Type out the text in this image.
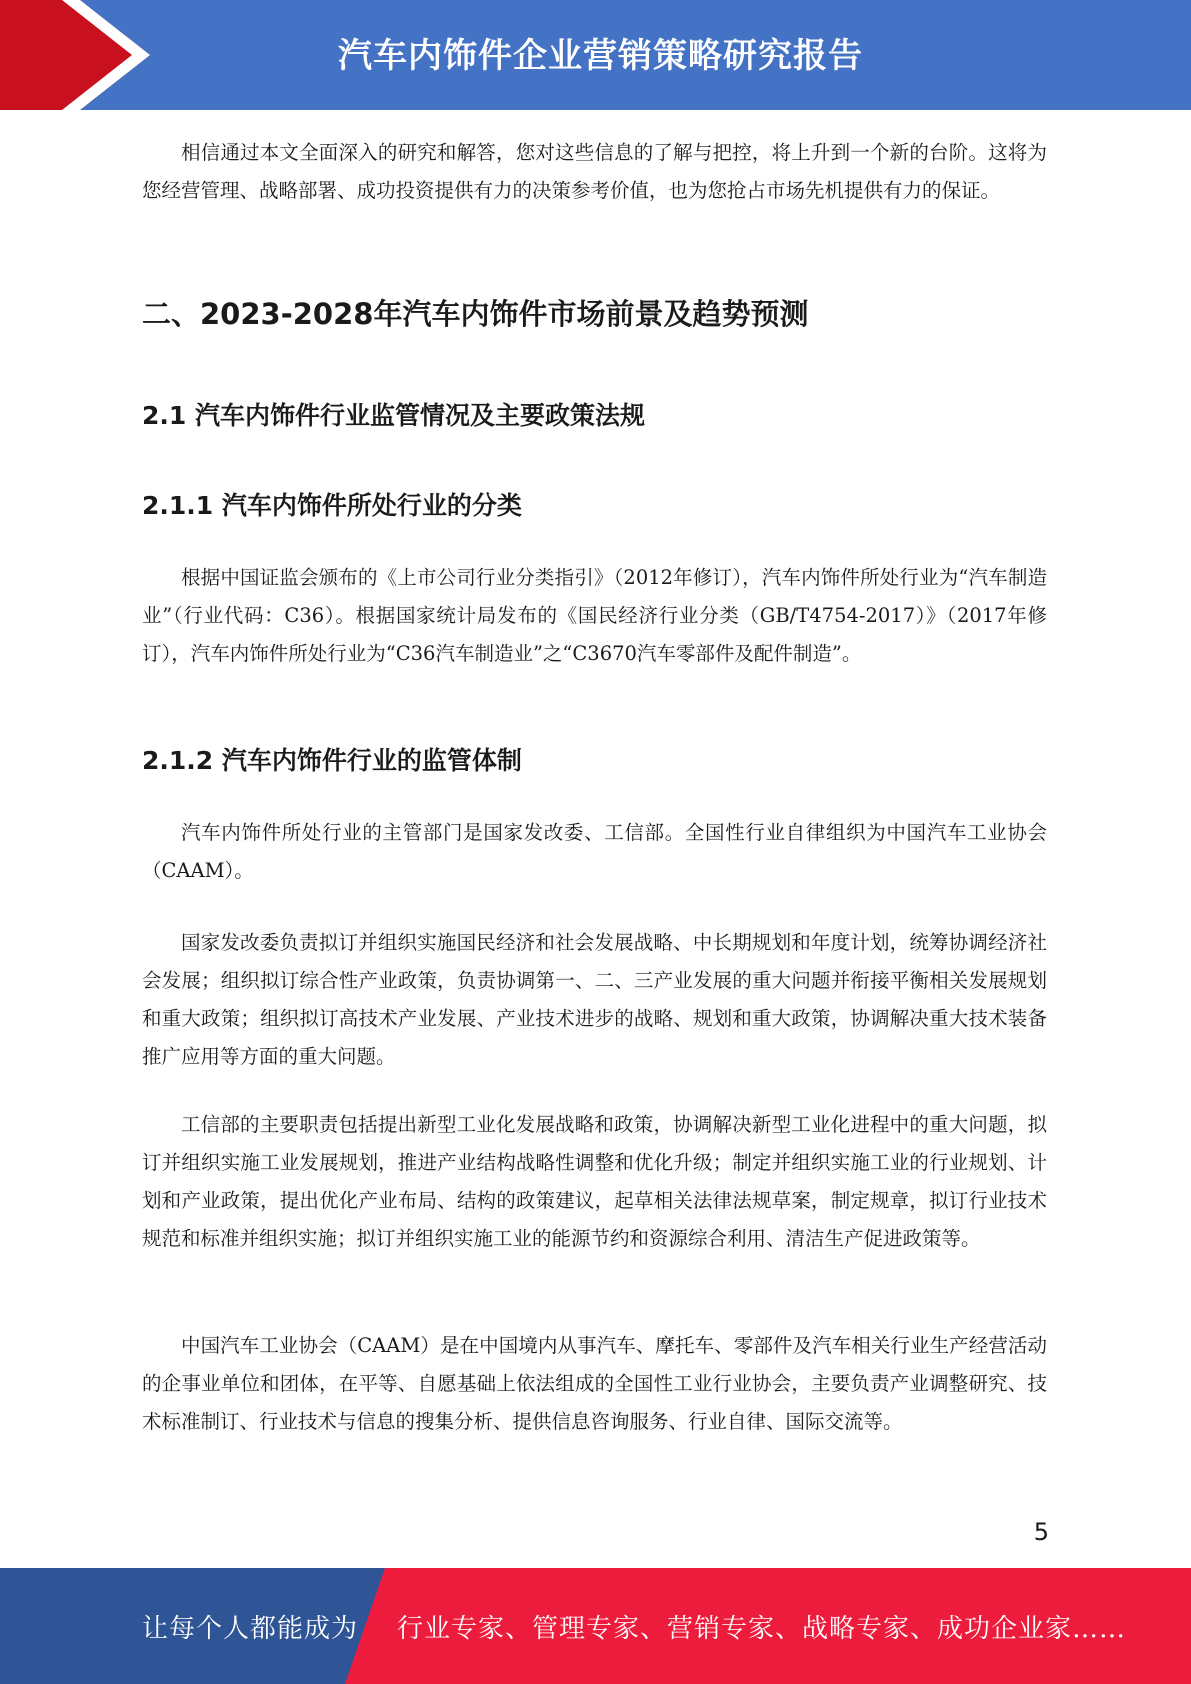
汽车内饰件企业营销策略研究报告

相信通过本文全面深入的研究和解答，您对这些信息的了解与把控，将上升到一个新的台阶。这将为您经营管理、战略部署、成功投资提供有力的决策参考价值，也为您抢占市场先机提供有力的保证。

二、2023-2028年汽车内饰件市场前景及趋势预测
2.1 汽车内饰件行业监管情况及主要政策法规
2.1.1 汽车内饰件所处行业的分类

根据中国证监会颁布的《上市公司行业分类指引》（2012年修订），汽车内饰件所处行业为“汽车制造业”（行业代码：C36）。根据国家统计局发布的《国民经济行业分类（GB/T4754-2017）》（2017年修订），汽车内饰件所处行业为“C36汽车制造业”之“C3670汽车零部件及配件制造”。

2.1.2 汽车内饰件行业的监管体制

汽车内饰件所处行业的主管部门是国家发改委、工信部。全国性行业自律组织为中国汽车工业协会（CAAM）。

国家发改委负责拟订并组织实施国民经济和社会发展战略、中长期规划和年度计划，统筹协调经济社会发展；组织拟订综合性产业政策，负责协调第一、二、三产业发展的重大问题并衔接平衡相关发展规划和重大政策；组织拟订高技术产业发展、产业技术进步的战略、规划和重大政策，协调解决重大技术装备推广应用等方面的重大问题。

工信部的主要职责包括提出新型工业化发展战略和政策，协调解决新型工业化进程中的重大问题，拟订并组织实施工业发展规划，推进产业结构战略性调整和优化升级；制定并组织实施工业的行业规划、计划和产业政策，提出优化产业布局、结构的政策建议，起草相关法律法规草案，制定规章，拟订行业技术规范和标准并组织实施；拟订并组织实施工业的能源节约和资源综合利用、清洁生产促进政策等。

中国汽车工业协会（CAAM）是在中国境内从事汽车、摩托车、零部件及汽车相关行业生产经营活动的企事业单位和团体，在平等、自愿基础上依法组成的全国性工业行业协会，主要负责产业调整研究、技术标准制订、行业技术与信息的搜集分析、提供信息咨询服务、行业自律、国际交流等。

5
让每个人都能成为 行业专家、管理专家、营销专家、战略专家、成功企业家……
